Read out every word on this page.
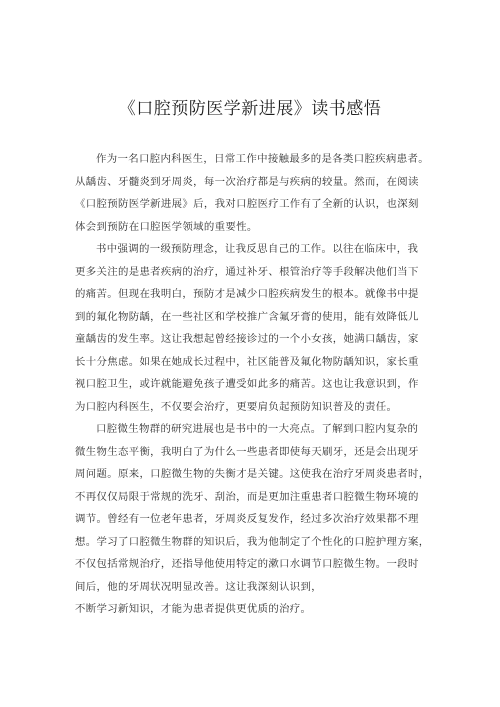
《口腔预防医学新进展》读书感悟
作为一名口腔内科医生，日常工作中接触最多的是各类口腔疾病患者。
从龋齿、牙髓炎到牙周炎，每一次治疗都是与疾病的较量。然而，在阅读
《口腔预防医学新进展》后，我对口腔医疗工作有了全新的认识，也深刻
体会到预防在口腔医学领域的重要性。
书中强调的一级预防理念，让我反思自己的工作。以往在临床中，我
更多关注的是患者疾病的治疗，通过补牙、根管治疗等手段解决他们当下
的痛苦。但现在我明白，预防才是减少口腔疾病发生的根本。就像书中提
到的氟化物防龋，在一些社区和学校推广含氟牙膏的使用，能有效降低儿
童龋齿的发生率。这让我想起曾经接诊过的一个小女孩，她满口龋齿，家
长十分焦虑。如果在她成长过程中，社区能普及氟化物防龋知识，家长重
视口腔卫生，或许就能避免孩子遭受如此多的痛苦。这也让我意识到，作
为口腔内科医生，不仅要会治疗，更要肩负起预防知识普及的责任。
口腔微生物群的研究进展也是书中的一大亮点。了解到口腔内复杂的
微生物生态平衡，我明白了为什么一些患者即使每天刷牙，还是会出现牙
周问题。原来，口腔微生物的失衡才是关键。这使我在治疗牙周炎患者时，
不再仅仅局限于常规的洗牙、刮治，而是更加注重患者口腔微生物环境的
调节。曾经有一位老年患者，牙周炎反复发作，经过多次治疗效果都不理
想。学习了口腔微生物群的知识后，我为他制定了个性化的口腔护理方案，
不仅包括常规治疗，还指导他使用特定的漱口水调节口腔微生物。一段时
间后，他的牙周状况明显改善。这让我深刻认识到，
不断学习新知识，才能为患者提供更优质的治疗。
